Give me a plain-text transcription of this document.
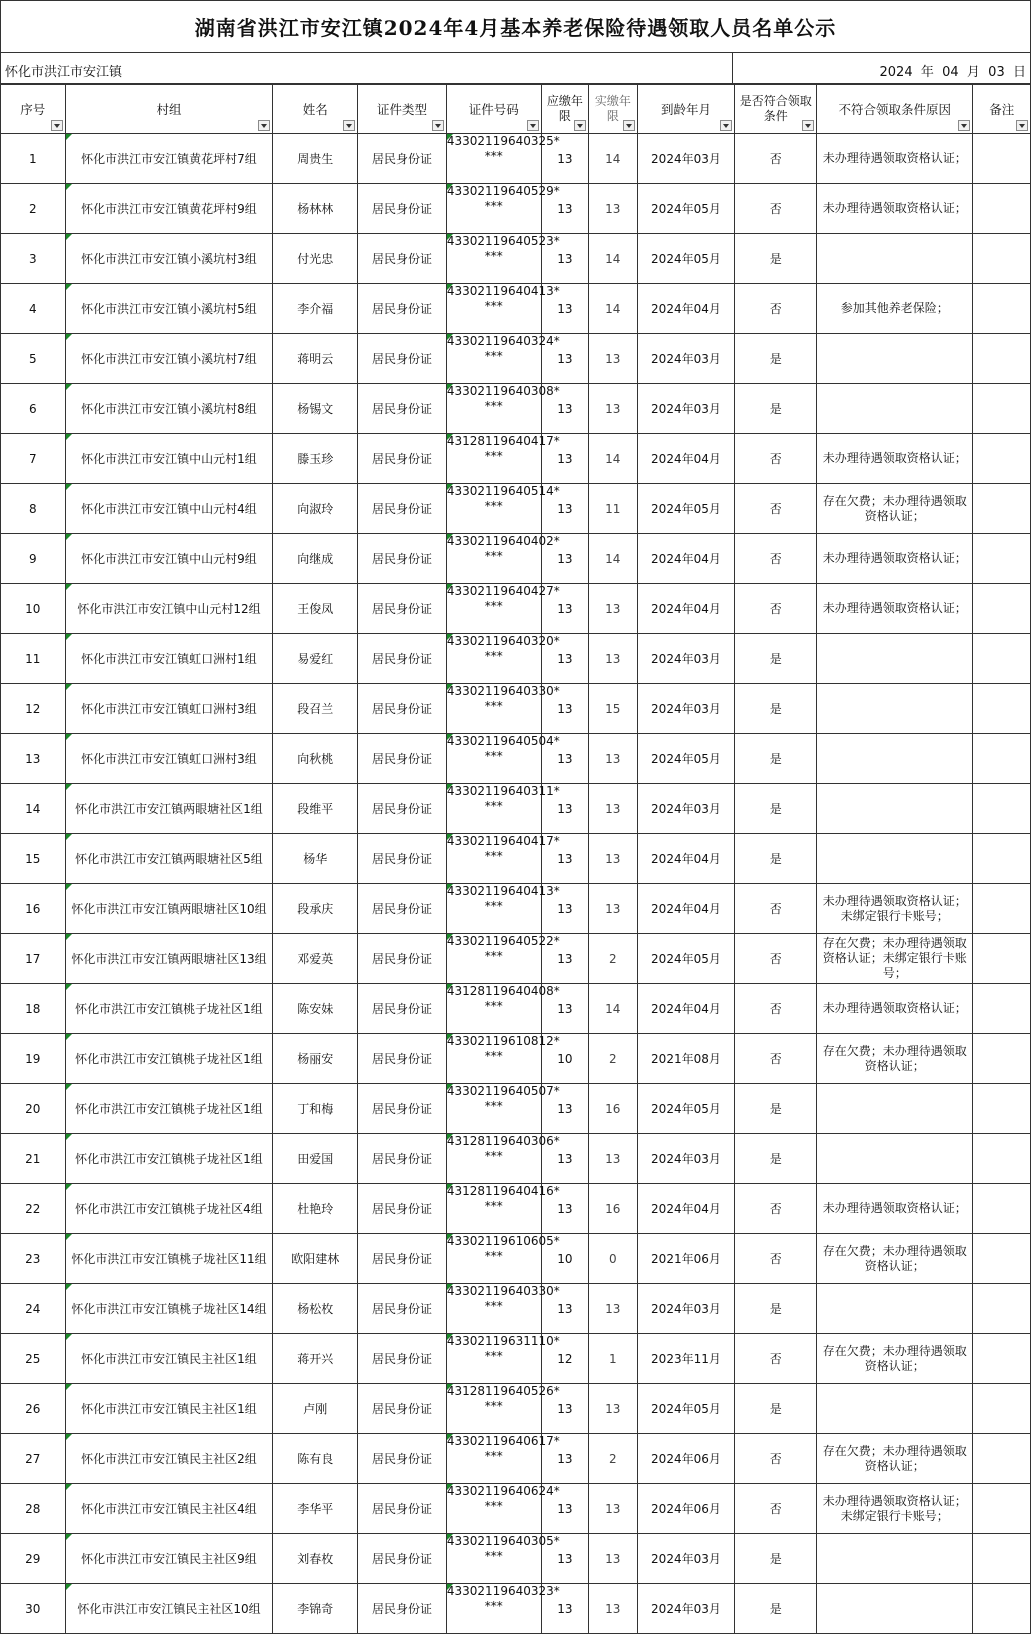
湖南省洪江市安江镇2024年4月基本养老保险待遇领取人员名单公示
怀化市洪江市安江镇	2024  年  04  月  03  日
序号	村组	姓名	证件类型	证件号码	应缴年限	实缴年限	到龄年月	是否符合领取条件	不符合领取条件原因	备注

1	怀化市洪江市安江镇黄花坪村7组	周贵生	居民身份证	43302119640325*
***	13	14	2024年03月	否	未办理待遇领取资格认证；	
2	怀化市洪江市安江镇黄花坪村9组	杨林林	居民身份证	43302119640529*
***	13	13	2024年05月	否	未办理待遇领取资格认证；	
3	怀化市洪江市安江镇小溪坑村3组	付光忠	居民身份证	43302119640523*
***	13	14	2024年05月	是		
4	怀化市洪江市安江镇小溪坑村5组	李介福	居民身份证	43302119640413*
***	13	14	2024年04月	否	参加其他养老保险；	
5	怀化市洪江市安江镇小溪坑村7组	蒋明云	居民身份证	43302119640324*
***	13	13	2024年03月	是		
6	怀化市洪江市安江镇小溪坑村8组	杨锡文	居民身份证	43302119640308*
***	13	13	2024年03月	是		
7	怀化市洪江市安江镇中山元村1组	滕玉珍	居民身份证	43128119640417*
***	13	14	2024年04月	否	未办理待遇领取资格认证；	
8	怀化市洪江市安江镇中山元村4组	向淑玲	居民身份证	43302119640514*
***	13	11	2024年05月	否	存在欠费；未办理待遇领取资格认证；	
9	怀化市洪江市安江镇中山元村9组	向继成	居民身份证	43302119640402*
***	13	14	2024年04月	否	未办理待遇领取资格认证；	
10	怀化市洪江市安江镇中山元村12组	王俊凤	居民身份证	43302119640427*
***	13	13	2024年04月	否	未办理待遇领取资格认证；	
11	怀化市洪江市安江镇虹口洲村1组	易爱红	居民身份证	43302119640320*
***	13	13	2024年03月	是		
12	怀化市洪江市安江镇虹口洲村3组	段召兰	居民身份证	43302119640330*
***	13	15	2024年03月	是		
13	怀化市洪江市安江镇虹口洲村3组	向秋桃	居民身份证	43302119640504*
***	13	13	2024年05月	是		
14	怀化市洪江市安江镇两眼塘社区1组	段维平	居民身份证	43302119640311*
***	13	13	2024年03月	是		
15	怀化市洪江市安江镇两眼塘社区5组	杨华	居民身份证	43302119640417*
***	13	13	2024年04月	是		
16	怀化市洪江市安江镇两眼塘社区10组	段承庆	居民身份证	43302119640413*
***	13	13	2024年04月	否	未办理待遇领取资格认证；未绑定银行卡账号；	
17	怀化市洪江市安江镇两眼塘社区13组	邓爱英	居民身份证	43302119640522*
***	13	2	2024年05月	否	存在欠费；未办理待遇领取资格认证；未绑定银行卡账号；	
18	怀化市洪江市安江镇桃子垅社区1组	陈安妹	居民身份证	43128119640408*
***	13	14	2024年04月	否	未办理待遇领取资格认证；	
19	怀化市洪江市安江镇桃子垅社区1组	杨丽安	居民身份证	43302119610812*
***	10	2	2021年08月	否	存在欠费；未办理待遇领取资格认证；	
20	怀化市洪江市安江镇桃子垅社区1组	丁和梅	居民身份证	43302119640507*
***	13	16	2024年05月	是		
21	怀化市洪江市安江镇桃子垅社区1组	田爱国	居民身份证	43128119640306*
***	13	13	2024年03月	是		
22	怀化市洪江市安江镇桃子垅社区4组	杜艳玲	居民身份证	43128119640416*
***	13	16	2024年04月	否	未办理待遇领取资格认证；	
23	怀化市洪江市安江镇桃子垅社区11组	欧阳建林	居民身份证	43302119610605*
***	10	0	2021年06月	否	存在欠费；未办理待遇领取资格认证；	
24	怀化市洪江市安江镇桃子垅社区14组	杨松枚	居民身份证	43302119640330*
***	13	13	2024年03月	是		
25	怀化市洪江市安江镇民主社区1组	蒋开兴	居民身份证	43302119631110*
***	12	1	2023年11月	否	存在欠费；未办理待遇领取资格认证；	
26	怀化市洪江市安江镇民主社区1组	卢刚	居民身份证	43128119640526*
***	13	13	2024年05月	是		
27	怀化市洪江市安江镇民主社区2组	陈有良	居民身份证	43302119640617*
***	13	2	2024年06月	否	存在欠费；未办理待遇领取资格认证；	
28	怀化市洪江市安江镇民主社区4组	李华平	居民身份证	43302119640624*
***	13	13	2024年06月	否	未办理待遇领取资格认证；未绑定银行卡账号；	
29	怀化市洪江市安江镇民主社区9组	刘春枚	居民身份证	43302119640305*
***	13	13	2024年03月	是		
30	怀化市洪江市安江镇民主社区10组	李锦奇	居民身份证	43302119640323*
***	13	13	2024年03月	是		
